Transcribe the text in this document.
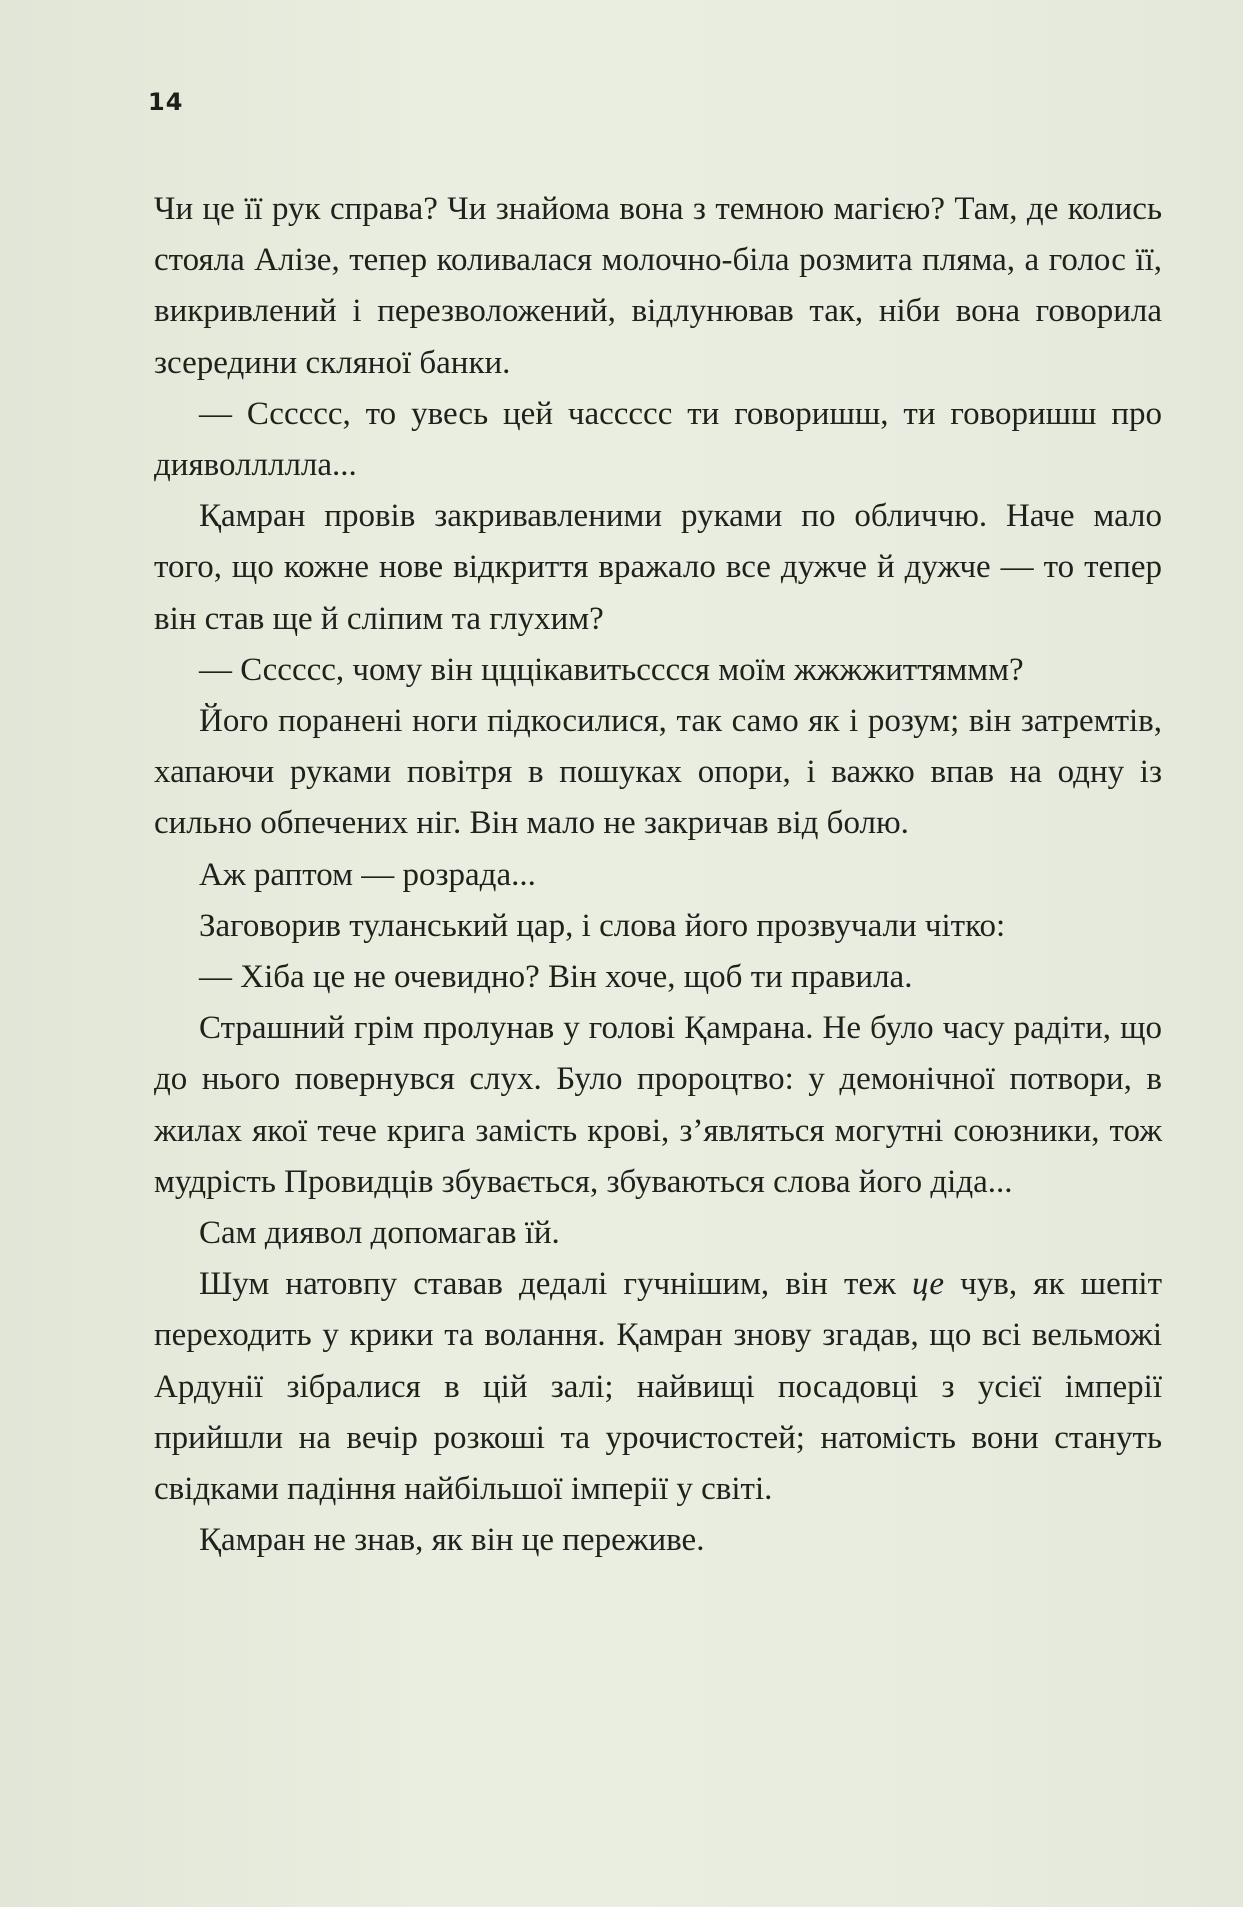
14

Чи це її рук справа? Чи знайома вона з темною магією? Там, де колись стояла Алізе, тепер коливалася молочно-біла розмита пляма, а голос її, викривлений і перезволожений, відлунював так, ніби вона говорила зсередини скляної банки.

— Сссссс, то увесь цей чассссс ти говоришш, ти говоришш про дияволлллла...

Қамран провів закривавленими руками по обличчю. Наче мало того, що кожне нове відкриття вражало все дужче й дужче — то тепер він став ще й сліпим та глухим?

— Сссссс, чому він цццікавитьсссся моїм жжжжиттяммм?

Його поранені ноги підкосилися, так само як і розум; він затремтів, хапаючи руками повітря в пошуках опори, і важко впав на одну із сильно обпечених ніг. Він мало не закричав від болю.

Аж раптом — розрада...

Заговорив туланський цар, і слова його прозвучали чітко:

— Хіба це не очевидно? Він хоче, щоб ти правила.

Страшний грім пролунав у голові Қамрана. Не було часу радіти, що до нього повернувся слух. Було пророцтво: у демонічної потвори, в жилах якої тече крига замість крові, з’являться могутні союзники, тож мудрість Провидців збувається, збуваються слова його діда...

Сам диявол допомагав їй.

Шум натовпу ставав дедалі гучнішим, він теж це чув, як шепіт переходить у крики та волання. Қамран знову згадав, що всі вельможі Ардунії зібралися в цій залі; найвищі посадовці з усієї імперії прийшли на вечір розкоші та урочистостей; натомість вони стануть свідками падіння найбільшої імперії у світі.

Қамран не знав, як він це переживе.
